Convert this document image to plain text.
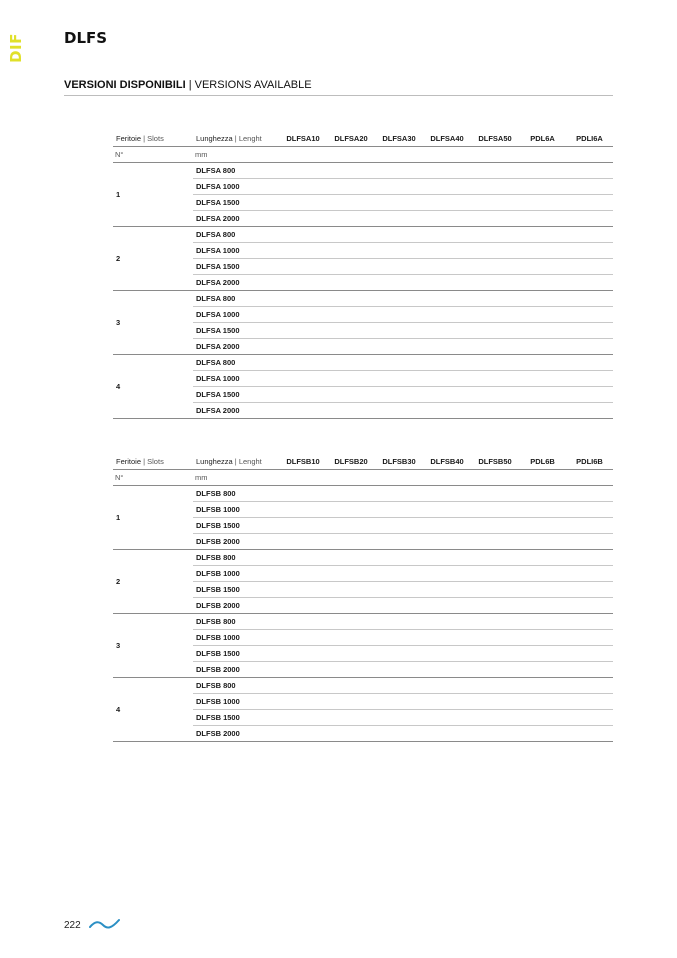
DIF	DLFS
VERSIONI DISPONIBILI | VERSIONS AVAILABLE
Feritoie | Slots	Lunghezza | Lenght	DLFSA10	DLFSA20	DLFSA30	DLFSA40	DLFSA50	PDL6A	PDLI6A
N°	mm							
1	DLFSA 800							
	DLFSA 1000							
	DLFSA 1500							
	DLFSA 2000							
2	DLFSA 800							
	DLFSA 1000							
	DLFSA 1500							
	DLFSA 2000							
3	DLFSA 800							
	DLFSA 1000							
	DLFSA 1500							
	DLFSA 2000							
4	DLFSA 800							
	DLFSA 1000							
	DLFSA 1500							
	DLFSA 2000							
Feritoie | Slots	Lunghezza | Lenght	DLFSB10	DLFSB20	DLFSB30	DLFSB40	DLFSB50	PDL6B	PDLI6B
N°	mm							
1	DLFSB 800							
	DLFSB 1000							
	DLFSB 1500							
	DLFSB 2000							
2	DLFSB 800							
	DLFSB 1000							
	DLFSB 1500							
	DLFSB 2000							
3	DLFSB 800							
	DLFSB 1000							
	DLFSB 1500							
	DLFSB 2000							
4	DLFSB 800							
	DLFSB 1000							
	DLFSB 1500							
	DLFSB 2000							
222
